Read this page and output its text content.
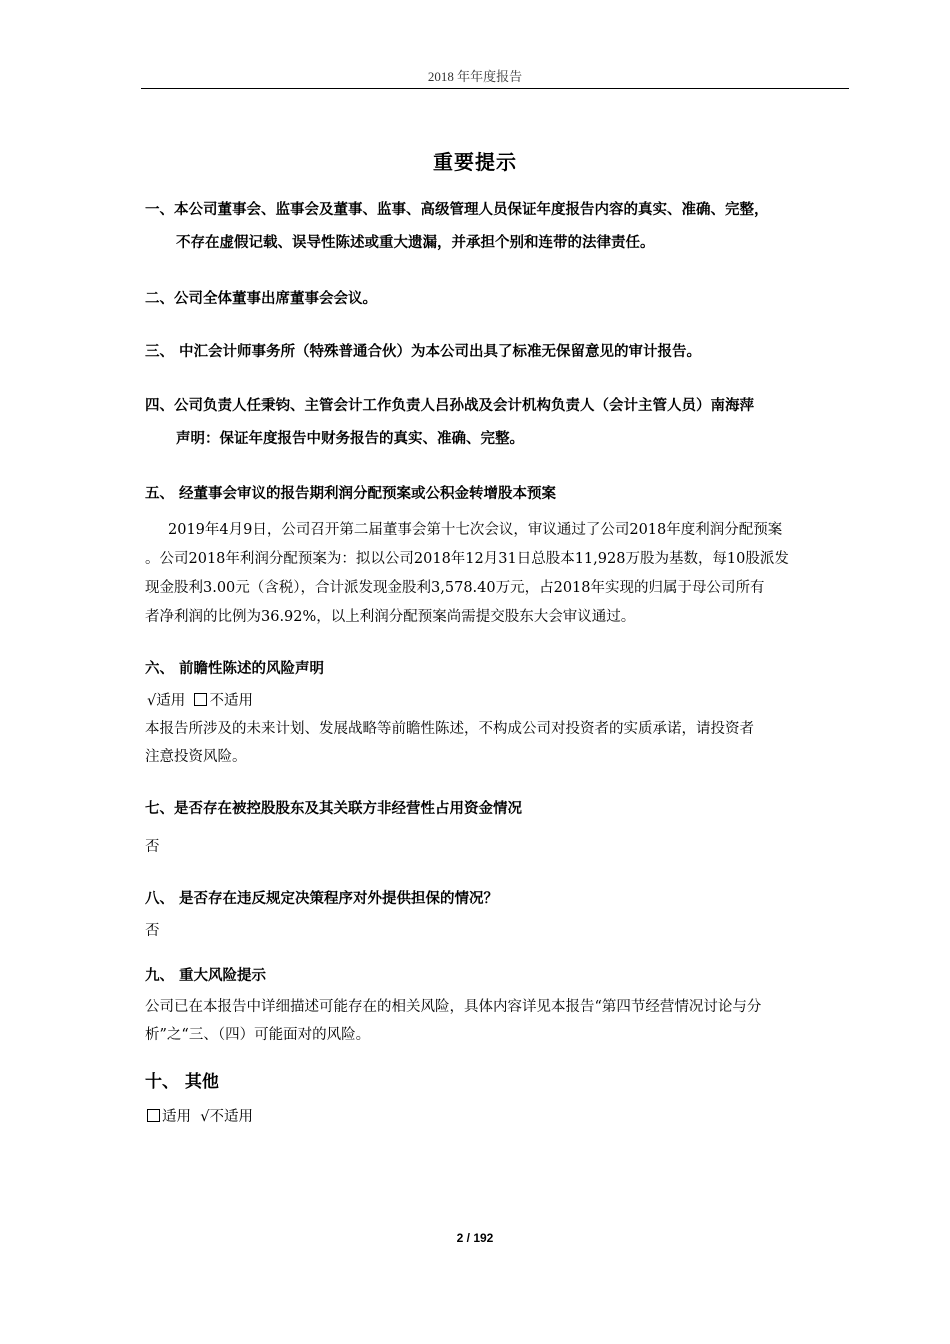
2018 年年度报告
重要提示
一、本公司董事会、监事会及董事、监事、高级管理人员保证年度报告内容的真实、准确、完整，
不存在虚假记载、误导性陈述或重大遗漏，并承担个别和连带的法律责任。
二、公司全体董事出席董事会会议。
三、 中汇会计师事务所（特殊普通合伙）为本公司出具了标准无保留意见的审计报告。
四、公司负责人任秉钧、主管会计工作负责人吕孙战及会计机构负责人（会计主管人员）南海萍
声明：保证年度报告中财务报告的真实、准确、完整。
五、 经董事会审议的报告期利润分配预案或公积金转增股本预案
2019年4月9日，公司召开第二届董事会第十七次会议，审议通过了公司2018年度利润分配预案
。公司2018年利润分配预案为：拟以公司2018年12月31日总股本11,928万股为基数，每10股派发
现金股利3.00元（含税），合计派发现金股利3,578.40万元，占2018年实现的归属于母公司所有
者净利润的比例为36.92%，以上利润分配预案尚需提交股东大会审议通过。
六、 前瞻性陈述的风险声明
√适用 不适用
本报告所涉及的未来计划、发展战略等前瞻性陈述，不构成公司对投资者的实质承诺，请投资者
注意投资风险。
七、是否存在被控股股东及其关联方非经营性占用资金情况
否
八、 是否存在违反规定决策程序对外提供担保的情况？
否
九、 重大风险提示
公司已在本报告中详细描述可能存在的相关风险，具体内容详见本报告“第四节经营情况讨论与分
析”之“三、（四）可能面对的风险。
十、 其他
适用 √不适用
2 / 192
